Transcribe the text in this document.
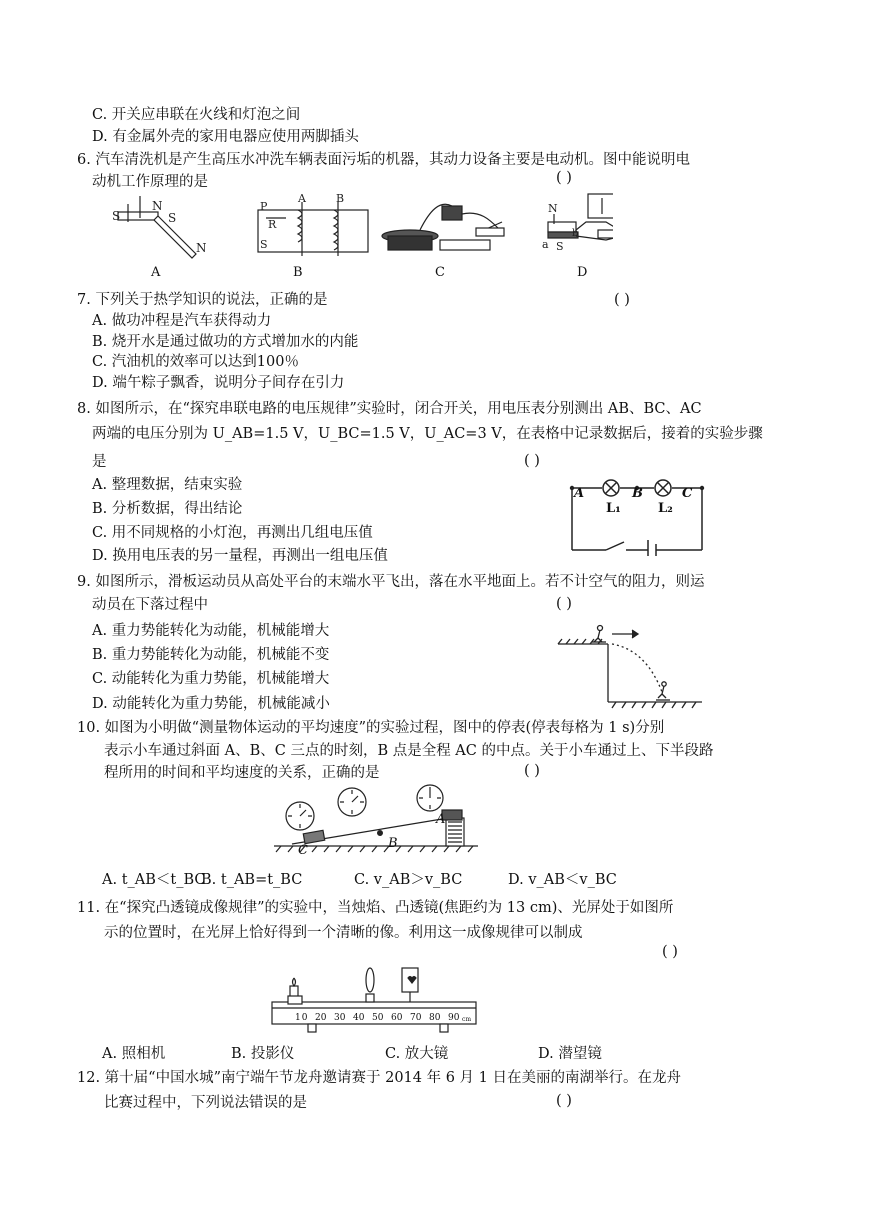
C. 开关应串联在火线和灯泡之间
D. 有金属外壳的家用电器应使用两脚插头
6. 汽车清洗机是产生高压水冲洗车辆表面污垢的机器，其动力设备主要是电动机。图中能说明电
动机工作原理的是	( )
S
N
S
N
P
R
S
A	B
N
a S
b
A	B	C	D
7. 下列关于热学知识的说法，正确的是	( )
A. 做功冲程是汽车获得动力
B. 烧开水是通过做功的方式增加水的内能
C. 汽油机的效率可以达到100％
D. 端午粽子飘香，说明分子间存在引力
8. 如图所示，在“探究串联电路的电压规律”实验时，闭合开关，用电压表分别测出 AB、BC、AC
两端的电压分别为 U_AB=1.5 V，U_BC=1.5 V，U_AC=3 V，在表格中记录数据后，接着的实验步骤
是	( )
A. 整理数据，结束实验
B. 分析数据，得出结论
C. 用不同规格的小灯泡，再测出几组电压值
D. 换用电压表的另一量程，再测出一组电压值
A	B	C
L₁	L₂
9. 如图所示，滑板运动员从高处平台的末端水平飞出，落在水平地面上。若不计空气的阻力，则运
动员在下落过程中	( )
A. 重力势能转化为动能，机械能增大
B. 重力势能转化为动能，机械能不变
C. 动能转化为重力势能，机械能增大
D. 动能转化为重力势能，机械能减小
10. 如图为小明做“测量物体运动的平均速度”的实验过程，图中的停表(停表每格为 1 s)分别
表示小车通过斜面 A、B、C 三点的时刻，B 点是全程 AC 的中点。关于小车通过上、下半段路
程所用的时间和平均速度的关系，正确的是	( )
A
B
C
A. t_AB＜t_BC
B. t_AB=t_BC	C. v_AB＞v_BC	D. v_AB＜v_BC
11. 在“探究凸透镜成像规律”的实验中，当烛焰、凸透镜(焦距约为 13 cm)、光屏处于如图所
示的位置时，在光屏上恰好得到一个清晰的像。利用这一成像规律可以制成
( )
10 20 30 40 50 60 70 80 90 cm
A. 照相机	B. 投影仪	C. 放大镜	D. 潜望镜
12. 第十届“中国水城”南宁端午节龙舟邀请赛于 2014 年 6 月 1 日在美丽的南湖举行。在龙舟
比赛过程中，下列说法错误的是	( )
